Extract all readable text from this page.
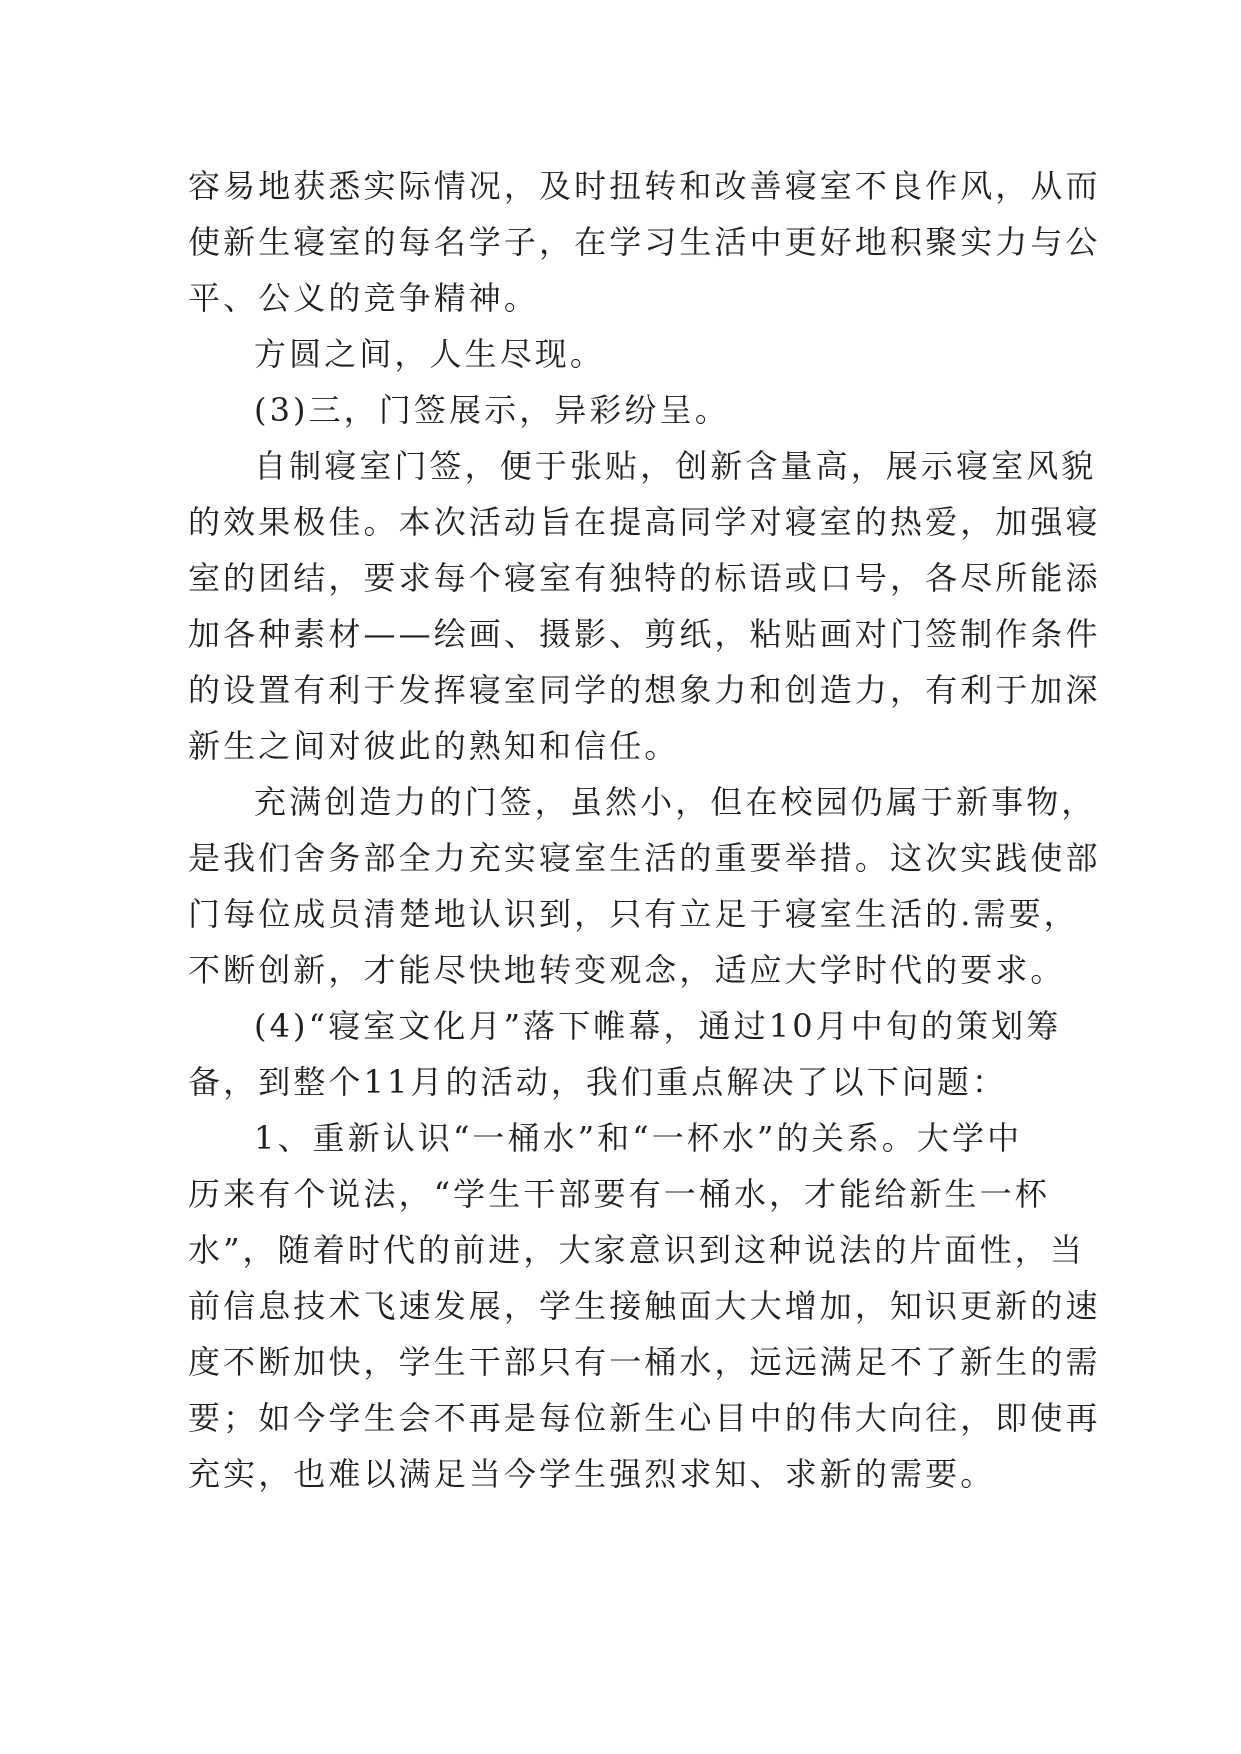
容易地获悉实际情况，及时扭转和改善寝室不良作风，从而
使新生寝室的每名学子，在学习生活中更好地积聚实力与公
平、公义的竞争精神。
方圆之间，人生尽现。
(3)三，门签展示，异彩纷呈。
自制寝室门签，便于张贴，创新含量高，展示寝室风貌
的效果极佳。本次活动旨在提高同学对寝室的热爱，加强寝
室的团结，要求每个寝室有独特的标语或口号，各尽所能添
加各种素材——绘画、摄影、剪纸，粘贴画对门签制作条件
的设置有利于发挥寝室同学的想象力和创造力，有利于加深
新生之间对彼此的熟知和信任。
充满创造力的门签，虽然小，但在校园仍属于新事物，
是我们舍务部全力充实寝室生活的重要举措。这次实践使部
门每位成员清楚地认识到，只有立足于寝室生活的.需要，
不断创新，才能尽快地转变观念，适应大学时代的要求。
(4)“寝室文化月”落下帷幕，通过10月中旬的策划筹
备，到整个11月的活动，我们重点解决了以下问题：
1、重新认识“一桶水”和“一杯水”的关系。大学中
历来有个说法，“学生干部要有一桶水，才能给新生一杯
水”，随着时代的前进，大家意识到这种说法的片面性，当
前信息技术飞速发展，学生接触面大大增加，知识更新的速
度不断加快，学生干部只有一桶水，远远满足不了新生的需
要；如今学生会不再是每位新生心目中的伟大向往，即使再
充实，也难以满足当今学生强烈求知、求新的需要。
